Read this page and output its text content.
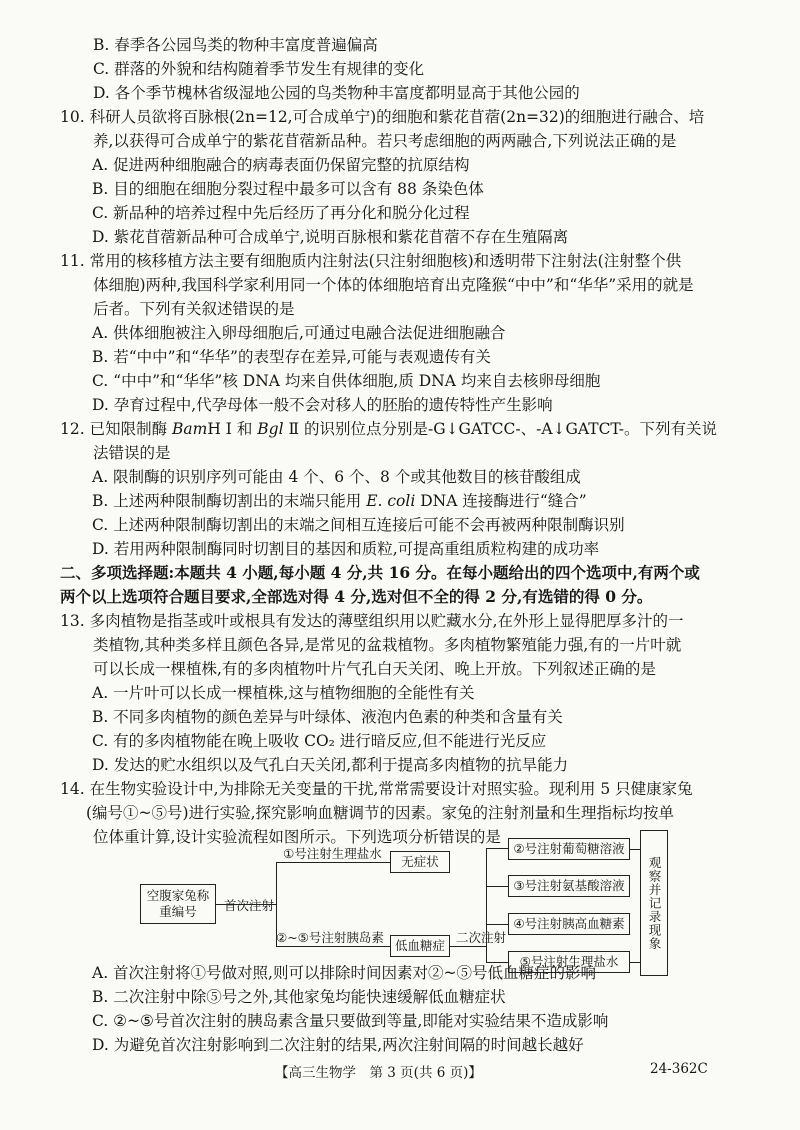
B. 春季各公园鸟类的物种丰富度普遍偏高
C. 群落的外貌和结构随着季节发生有规律的变化
D. 各个季节槐林省级湿地公园的鸟类物种丰富度都明显高于其他公园的
10. 科研人员欲将百脉根(2n=12,可合成单宁)的细胞和紫花苜蓿(2n=32)的细胞进行融合、培
养,以获得可合成单宁的紫花苜蓿新品种。若只考虑细胞的两两融合,下列说法正确的是
A. 促进两种细胞融合的病毒表面仍保留完整的抗原结构
B. 目的细胞在细胞分裂过程中最多可以含有 88 条染色体
C. 新品种的培养过程中先后经历了再分化和脱分化过程
D. 紫花苜蓿新品种可合成单宁,说明百脉根和紫花苜蓿不存在生殖隔离
11. 常用的核移植方法主要有细胞质内注射法(只注射细胞核)和透明带下注射法(注射整个供
体细胞)两种,我国科学家利用同一个体的体细胞培育出克隆猴“中中”和“华华”采用的就是
后者。下列有关叙述错误的是
A. 供体细胞被注入卵母细胞后,可通过电融合法促进细胞融合
B. 若“中中”和“华华”的表型存在差异,可能与表观遗传有关
C. “中中”和“华华”核 DNA 均来自供体细胞,质 DNA 均来自去核卵母细胞
D. 孕育过程中,代孕母体一般不会对移人的胚胎的遗传特性产生影响
12. 已知限制酶 BamH Ⅰ 和 Bgl Ⅱ 的识别位点分别是-G↓GATCC-、-A↓GATCT-。下列有关说
法错误的是
A. 限制酶的识别序列可能由 4 个、6 个、8 个或其他数目的核苷酸组成
B. 上述两种限制酶切割出的末端只能用 E. coli DNA 连接酶进行“缝合”
C. 上述两种限制酶切割出的末端之间相互连接后可能不会再被两种限制酶识别
D. 若用两种限制酶同时切割目的基因和质粒,可提高重组质粒构建的成功率
二、多项选择题:本题共 4 小题,每小题 4 分,共 16 分。在每小题给出的四个选项中,有两个或
两个以上选项符合题目要求,全部选对得 4 分,选对但不全的得 2 分,有选错的得 0 分。
13. 多肉植物是指茎或叶或根具有发达的薄壁组织用以贮藏水分,在外形上显得肥厚多汁的一
类植物,其种类多样且颜色各异,是常见的盆栽植物。多肉植物繁殖能力强,有的一片叶就
可以长成一棵植株,有的多肉植物叶片气孔白天关闭、晚上开放。下列叙述正确的是
A. 一片叶可以长成一棵植株,这与植物细胞的全能性有关
B. 不同多肉植物的颜色差异与叶绿体、液泡内色素的种类和含量有关
C. 有的多肉植物能在晚上吸收 CO₂ 进行暗反应,但不能进行光反应
D. 发达的贮水组织以及气孔白天关闭,都利于提高多肉植物的抗旱能力
14. 在生物实验设计中,为排除无关变量的干扰,常常需要设计对照实验。现利用 5 只健康家兔
(编号①~⑤号)进行实验,探究影响血糖调节的因素。家兔的注射剂量和生理指标均按单
位体重计算,设计实验流程如图所示。下列选项分析错误的是
空腹家兔称重编号	首次注射
①号注射生理盐水
②~⑤号注射胰岛素
无症状
低血糖症
二次注射
②号注射葡萄糖溶液
③号注射氨基酸溶液
④号注射胰高血糖素
⑤号注射生理盐水
观察并记录现象
A. 首次注射将①号做对照,则可以排除时间因素对②~⑤号低血糖症的影响
B. 二次注射中除⑤号之外,其他家兔均能快速缓解低血糖症状
C. ②~⑤号首次注射的胰岛素含量只要做到等量,即能对实验结果不造成影响
D. 为避免首次注射影响到二次注射的结果,两次注射间隔的时间越长越好
【高三生物学　第 3 页(共 6 页)】	24-362C
